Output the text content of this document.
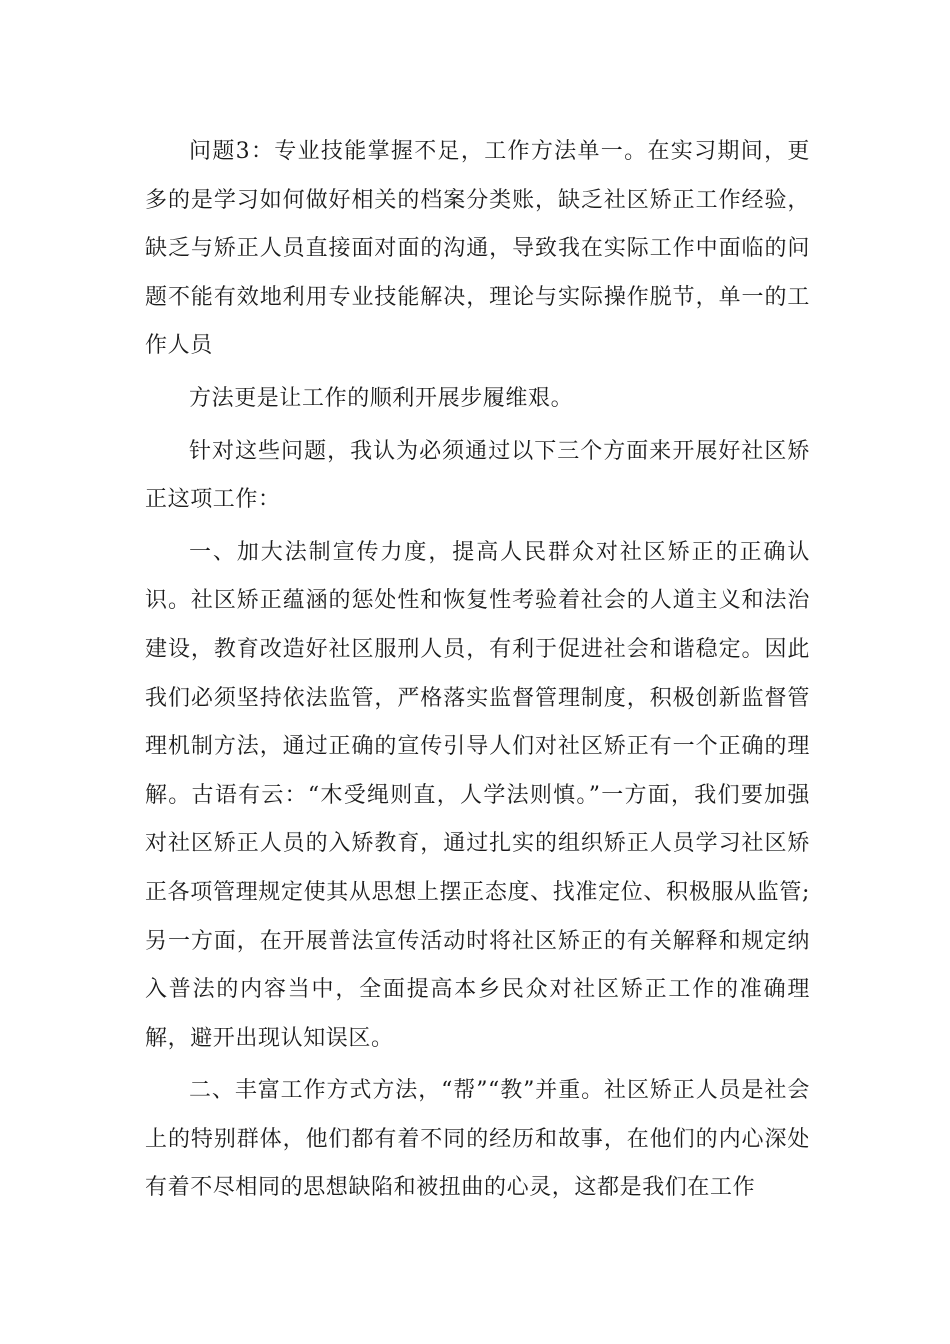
问题3：专业技能掌握不足，工作方法单一。在实习期间，更多的是学习如何做好相关的档案分类账，缺乏社区矫正工作经验，缺乏与矫正人员直接面对面的沟通，导致我在实际工作中面临的问题不能有效地利用专业技能解决，理论与实际操作脱节，单一的工作人员

方法更是让工作的顺利开展步履维艰。

针对这些问题，我认为必须通过以下三个方面来开展好社区矫正这项工作：

一、加大法制宣传力度，提高人民群众对社区矫正的正确认识。社区矫正蕴涵的惩处性和恢复性考验着社会的人道主义和法治建设，教育改造好社区服刑人员，有利于促进社会和谐稳定。因此我们必须坚持依法监管，严格落实监督管理制度，积极创新监督管理机制方法，通过正确的宣传引导人们对社区矫正有一个正确的理解。古语有云：“木受绳则直，人学法则慎。”一方面，我们要加强对社区矫正人员的入矫教育，通过扎实的组织矫正人员学习社区矫正各项管理规定使其从思想上摆正态度、找准定位、积极服从监管;另一方面，在开展普法宣传活动时将社区矫正的有关解释和规定纳入普法的内容当中，全面提高本乡民众对社区矫正工作的准确理解，避开出现认知误区。

二、丰富工作方式方法，“帮”“教”并重。社区矫正人员是社会上的特别群体，他们都有着不同的经历和故事，在他们的内心深处有着不尽相同的思想缺陷和被扭曲的心灵，这都是我们在工作
